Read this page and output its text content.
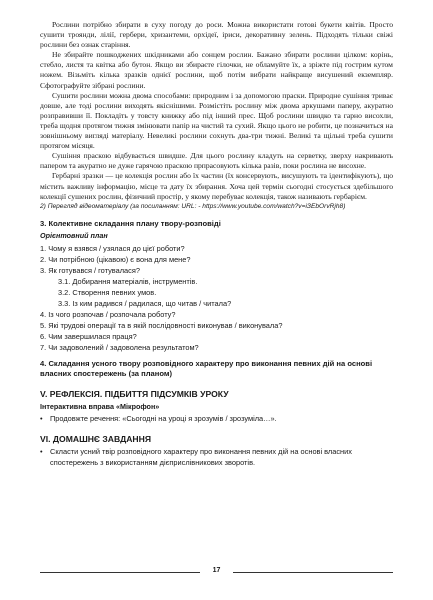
Рослини потрібно збирати в суху погоду до роси. Можна використати готові букети квітів. Просто сушити троянди, лілії, гербери, хризантеми, орхідеї, іриси, декоративну зелень. Підходять тільки свіжі рослини без ознак старіння.

Не збирайте пошкоджених шкідниками або сонцем рослин. Бажано збирати рослини цілком: корінь, стебло, листя та квітка або бутон. Якщо ви збираєте гілочки, не обламуйте їх, а зріжте під гострим кутом ножем. Візьміть кілька зразків однієї рослини, щоб потім вибрати найкраще висушений екземпляр. Сфотографуйте зібрані рослини.

Сушити рослини можна двома способами: природним і за допомогою праски. Природне сушіння триває довше, але тоді рослини виходять якіснішими. Розмістіть рослину між двома аркушами паперу, акуратно розправивши її. Покладіть у товсту книжку або під інший прес. Щоб рослини швидко та гарно висохли, треба щодня протягом тижня змінювати папір на чистий та сухий. Якщо цього не робити, це позначиться на зовнішньому вигляді матеріалу. Невеликі рослини сохнуть два-три тижні. Великі та щільні треба сушити протягом місяця.

Сушіння праскою відбувається швидше. Для цього рослину кладуть на серветку, зверху накривають папером та акуратно не дуже гарячою праскою прпрасовують кілька разів, поки рослина не висохне.

Гербарні зразки — це колекція рослин або їх частин (їх консервують, висушують та ідентифікують), що містить важливу інформацію, місце та дату їх збирання. Хоча цей термін сьогодні стосується здебільшого колекції сушених рослин, фізичний простір, у якому перебуває колекція, також називають гербарієм.

2) Перегляд відеоматеріалу (за посиланням: URL: - https://www.youtube.com/watch?v=iЗEbOrvRjh8)

3. Колективне складання плану твору-розповіді
Орієнтовний план
1. Чому я взявся / узялася до цієї роботи?
2. Чи потрібною (цікавою) є вона для мене?
3. Як готувався / готувалася?
3.1. Добирання матеріалів, інструментів.
3.2. Створення певних умов.
3.3. Із ким радився / радилася, що читав / читала?
4. Із чого розпочав / розпочала роботу?
5. Які трудові операції та в якій послідовності виконував / виконувала?
6. Чим завершилася праця?
7. Чи задоволений / задоволена результатом?
4. Складання усного твору розповідного характеру про виконання певних дій на основі власних спостережень (за планом)
V. РЕФЛЕКСІЯ. ПІДБИТТЯ ПІДСУМКІВ УРОКУ
Інтерактивна вправа «Мікрофон»
• Продовжте речення: «Сьогодні на уроці я зрозумів / зрозуміла…».
VI. ДОМАШНЄ ЗАВДАННЯ
• Скласти усний твір розповідного характеру про виконання певних дій на основі власних спостережень з використанням дієприслівникових зворотів.
17
